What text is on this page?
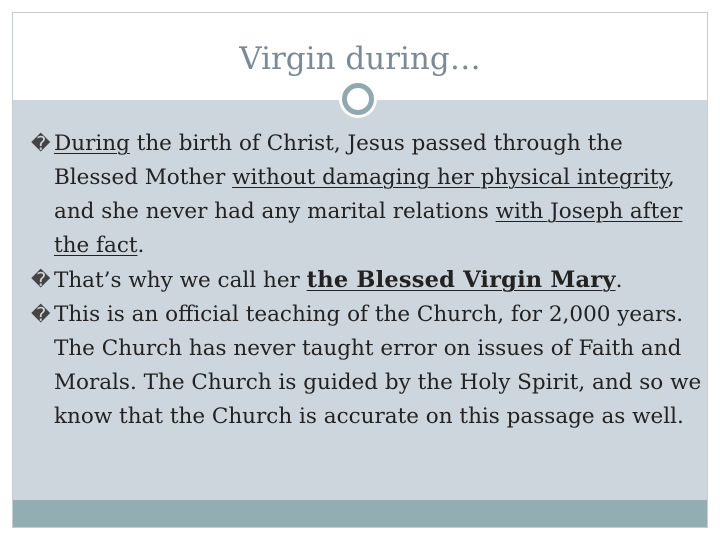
Virgin during…
� During the birth of Christ, Jesus passed through the Blessed Mother without damaging her physical integrity, and she never had any marital relations with Joseph after the fact.
� That’s why we call her the Blessed Virgin Mary.
� This is an official teaching of the Church, for 2,000 years. The Church has never taught error on issues of Faith and Morals. The Church is guided by the Holy Spirit, and so we know that the Church is accurate on this passage as well.
